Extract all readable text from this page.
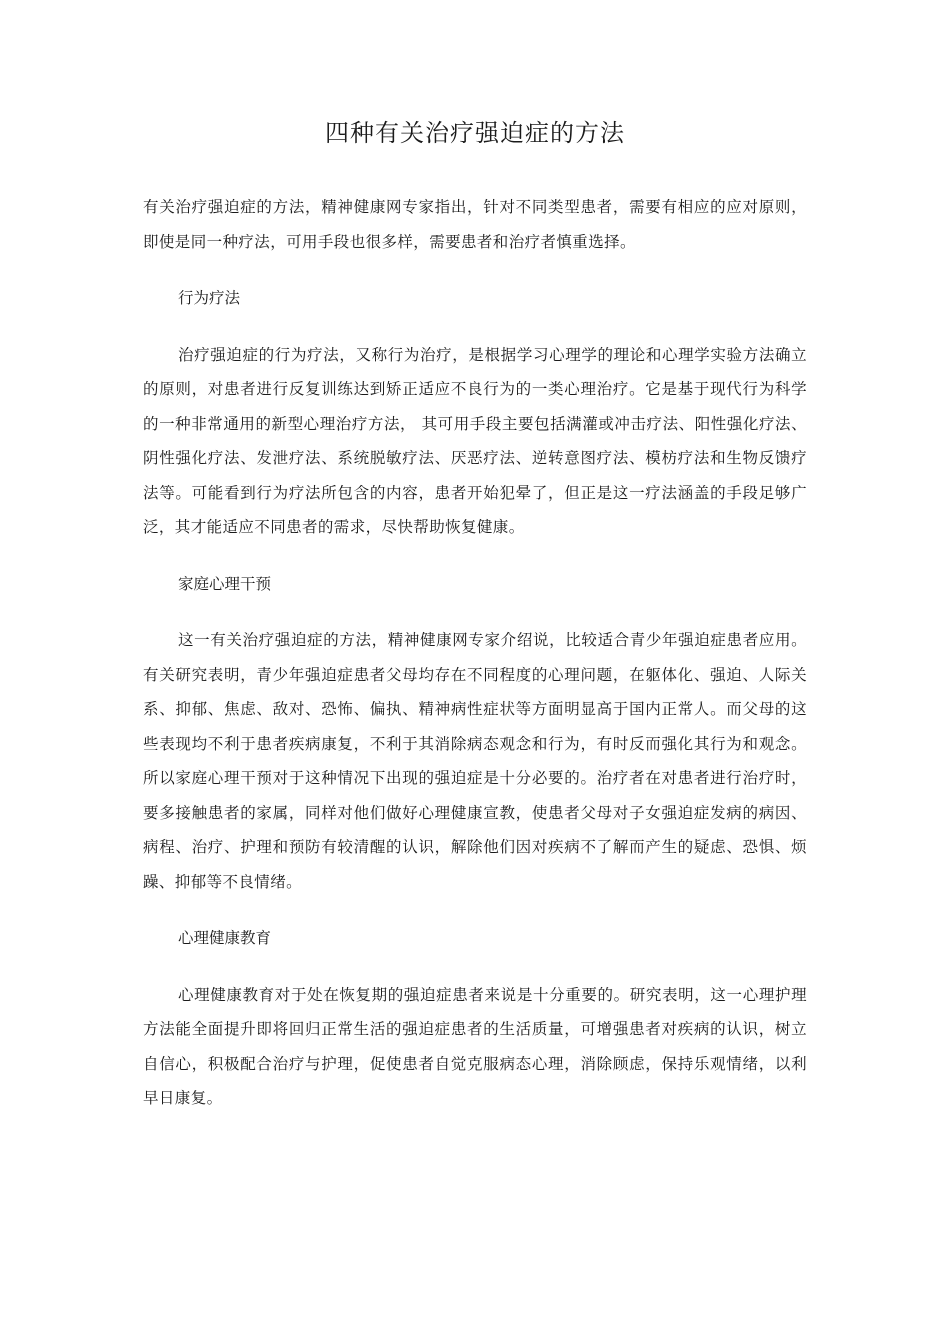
四种有关治疗强迫症的方法

有关治疗强迫症的方法，精神健康网专家指出，针对不同类型患者，需要有相应的应对原则，即使是同一种疗法，可用手段也很多样，需要患者和治疗者慎重选择。

行为疗法

治疗强迫症的行为疗法，又称行为治疗，是根据学习心理学的理论和心理学实验方法确立的原则，对患者进行反复训练达到矫正适应不良行为的一类心理治疗。它是基于现代行为科学的一种非常通用的新型心理治疗方法， 其可用手段主要包括满灌或冲击疗法、阳性强化疗法、阴性强化疗法、发泄疗法、系统脱敏疗法、厌恶疗法、逆转意图疗法、模枋疗法和生物反馈疗法等。可能看到行为疗法所包含的内容，患者开始犯晕了，但正是这一疗法涵盖的手段足够广泛，其才能适应不同患者的需求，尽快帮助恢复健康。

家庭心理干预

这一有关治疗强迫症的方法，精神健康网专家介绍说，比较适合青少年强迫症患者应用。有关研究表明，青少年强迫症患者父母均存在不同程度的心理问题，在躯体化、强迫、人际关系、抑郁、焦虑、敌对、恐怖、偏执、精神病性症状等方面明显高于国内正常人。而父母的这些表现均不利于患者疾病康复，不利于其消除病态观念和行为，有时反而强化其行为和观念。所以家庭心理干预对于这种情况下出现的强迫症是十分必要的。治疗者在对患者进行治疗时，要多接触患者的家属，同样对他们做好心理健康宣教，使患者父母对子女强迫症发病的病因、病程、治疗、护理和预防有较清醒的认识，解除他们因对疾病不了解而产生的疑虑、恐惧、烦躁、抑郁等不良情绪。

心理健康教育

心理健康教育对于处在恢复期的强迫症患者来说是十分重要的。研究表明，这一心理护理方法能全面提升即将回归正常生活的强迫症患者的生活质量，可增强患者对疾病的认识，树立自信心，积极配合治疗与护理，促使患者自觉克服病态心理，消除顾虑，保持乐观情绪，以利早日康复。
